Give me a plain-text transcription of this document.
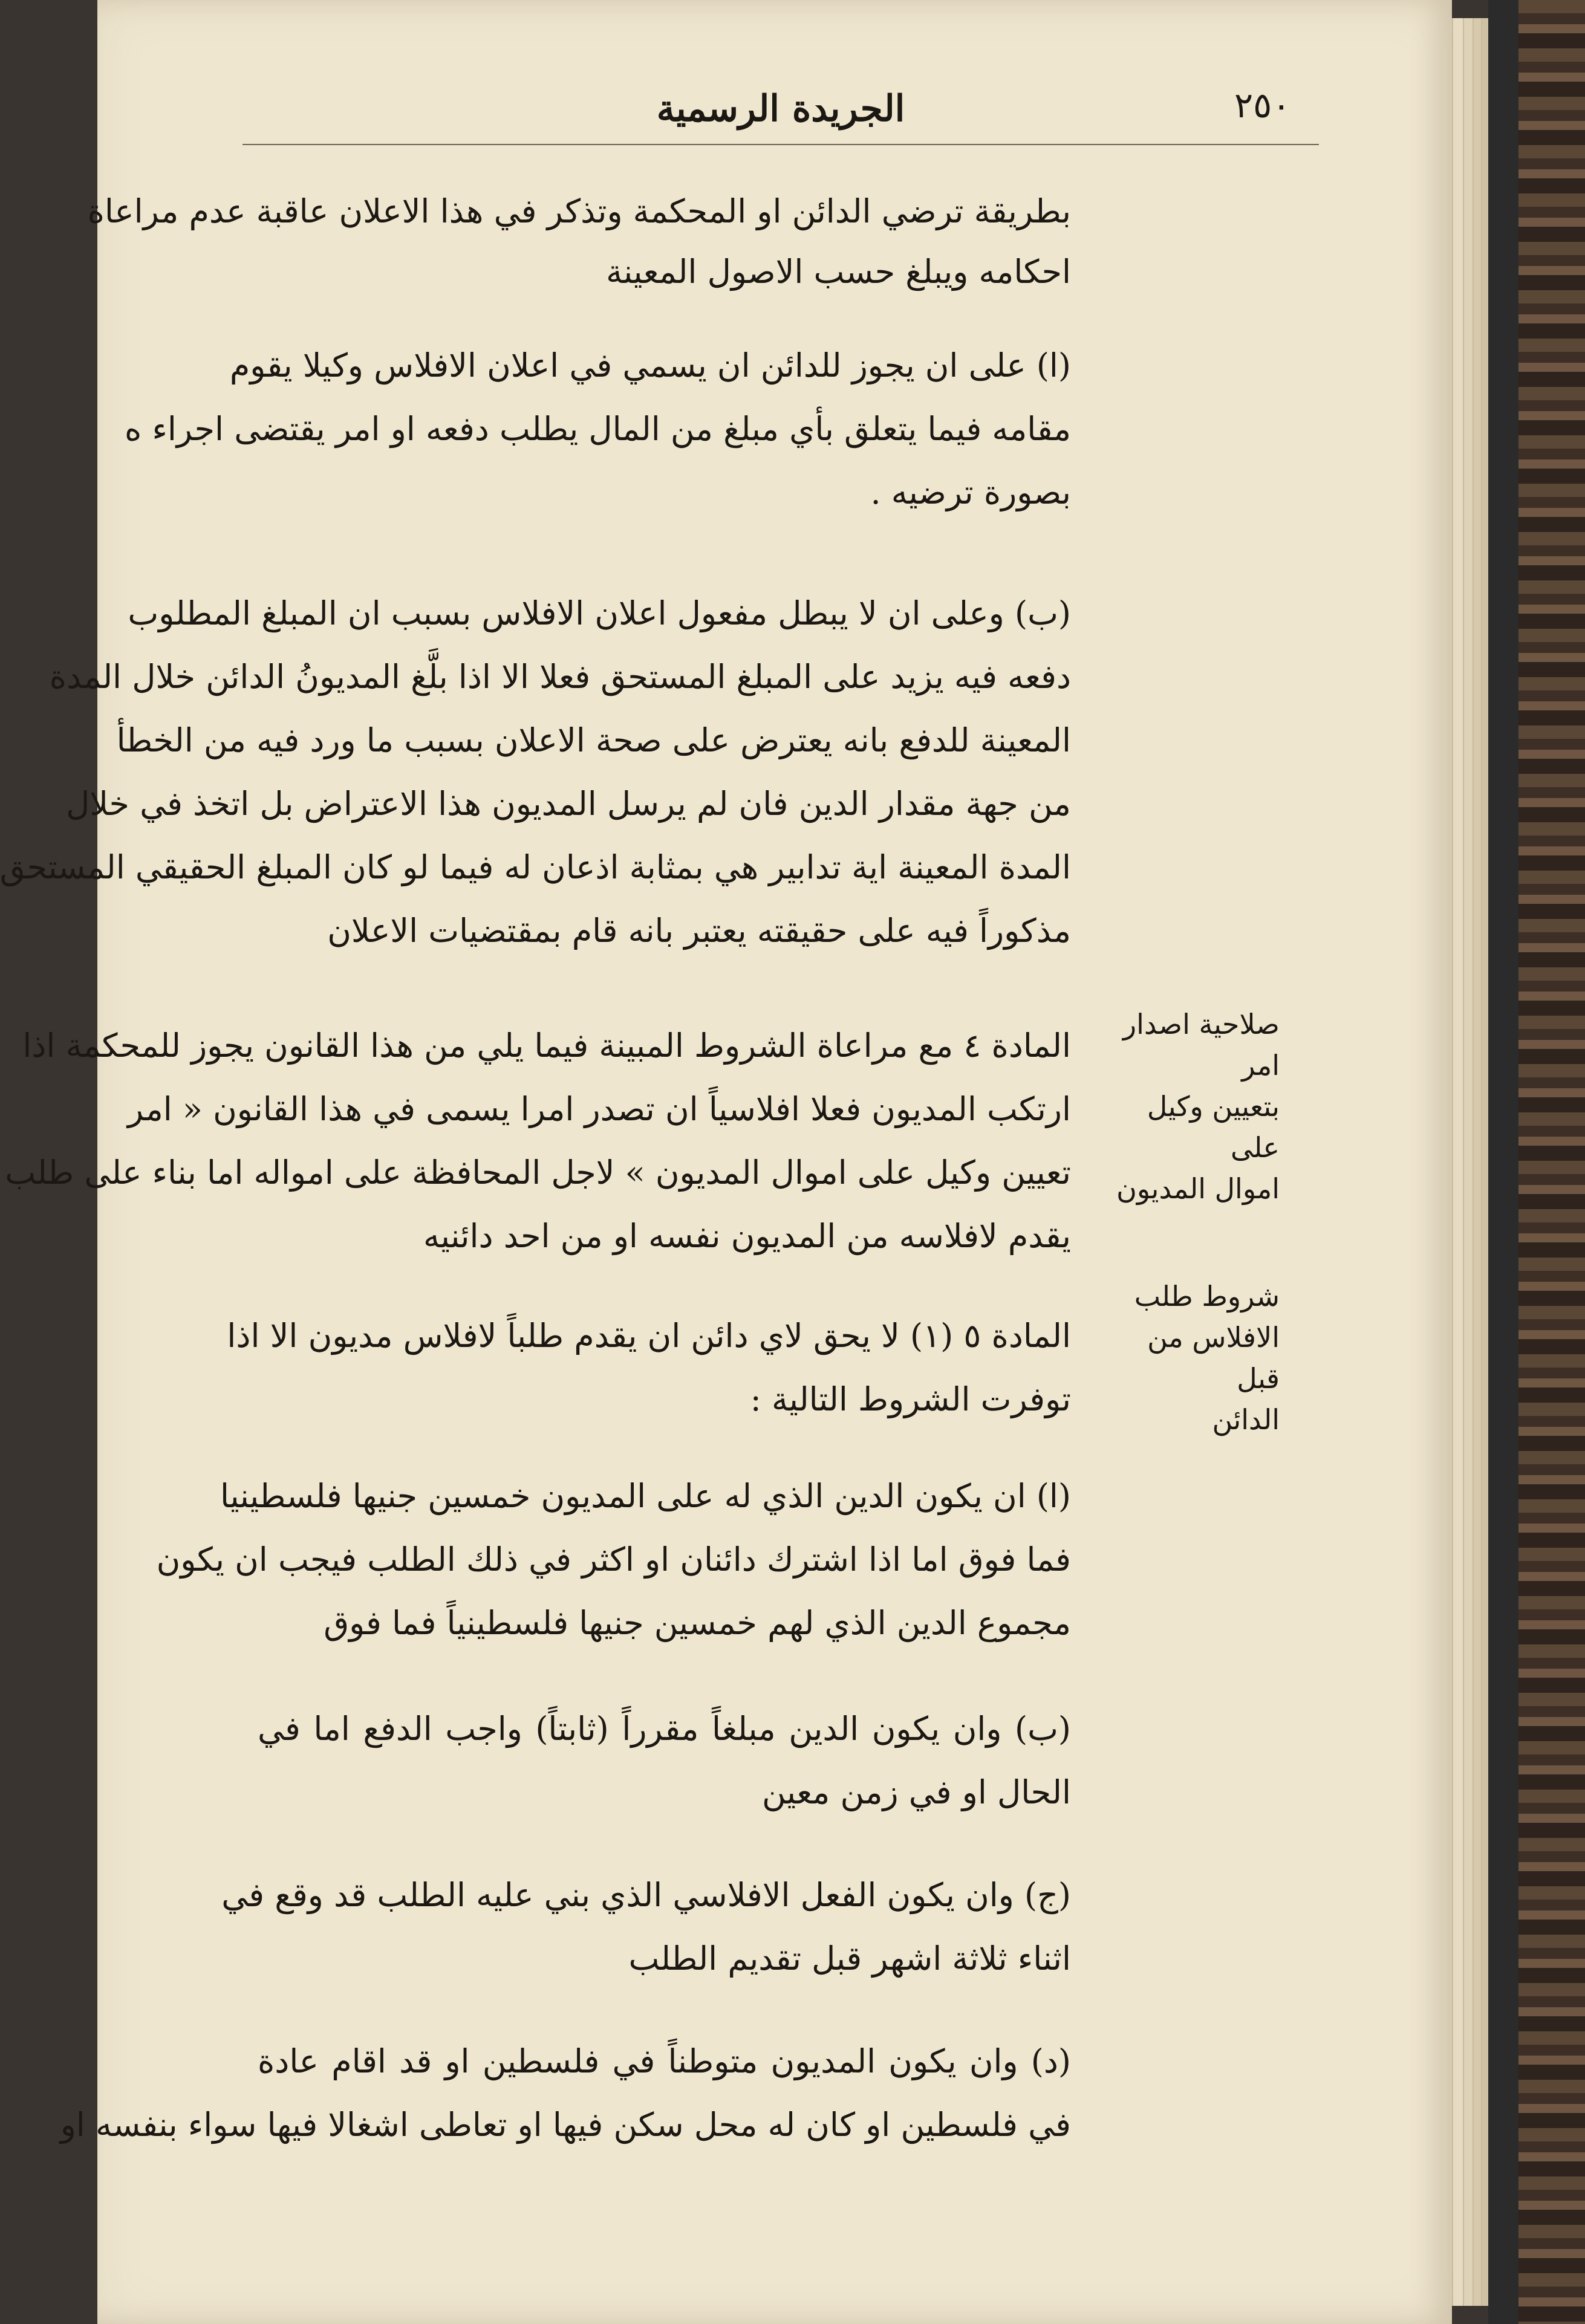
٢٥٠
الجريدة الرسمية
بطريقة ترضي الدائن او المحكمة وتذكر في هذا الاعلان عاقبة عدم مراعاة
احكامه ويبلغ حسب الاصول المعينة
(ا) على ان يجوز للدائن ان يسمي في اعلان الافلاس وكيلا يقوم
مقامه فيما يتعلق بأي مبلغ من المال يطلب دفعه او امر يقتضى اجراء ه
بصورة ترضيه .
(ب) وعلى ان لا يبطل مفعول اعلان الافلاس بسبب ان المبلغ المطلوب
دفعه فيه يزيد على المبلغ المستحق فعلا الا اذا بلَّغ المديونُ الدائن خلال المدة
المعينة للدفع بانه يعترض على صحة الاعلان بسبب ما ورد فيه من الخطأ
من جهة مقدار الدين فان لم يرسل المديون هذا الاعتراض بل اتخذ في خلال
المدة المعينة اية تدابير هي بمثابة اذعان له فيما لو كان المبلغ الحقيقي المستحق
مذكوراً فيه على حقيقته يعتبر بانه قام بمقتضيات الاعلان
المادة ٤ مع مراعاة الشروط المبينة فيما يلي من هذا القانون يجوز للمحكمة اذا
ارتكب المديون فعلا افلاسياً ان تصدر امرا يسمى في هذا القانون « امر
تعيين وكيل على اموال المديون » لاجل المحافظة على امواله اما بناء على طلب
يقدم لافلاسه من المديون نفسه او من احد دائنيه
المادة ٥ (١) لا يحق لاي دائن ان يقدم طلباً لافلاس مديون الا اذا
توفرت الشروط التالية :
(ا) ان يكون الدين الذي له على المديون خمسين جنيها فلسطينيا
فما فوق اما اذا اشترك دائنان او اكثر في ذلك الطلب فيجب ان يكون
مجموع الدين الذي لهم خمسين جنيها فلسطينياً فما فوق
(ب) وان يكون الدين مبلغاً مقرراً (ثابتاً) واجب الدفع اما في
الحال او في زمن معين
(ج) وان يكون الفعل الافلاسي الذي بني عليه الطلب قد وقع في
اثناء ثلاثة اشهر قبل تقديم الطلب
(د) وان يكون المديون متوطناً في فلسطين او قد اقام عادة
في فلسطين او كان له محل سكن فيها او تعاطى اشغالا فيها سواء بنفسه او
صلاحية اصدار امر
بتعيين وكيل على
اموال المديون
شروط طلب
الافلاس من قبل
الدائن
